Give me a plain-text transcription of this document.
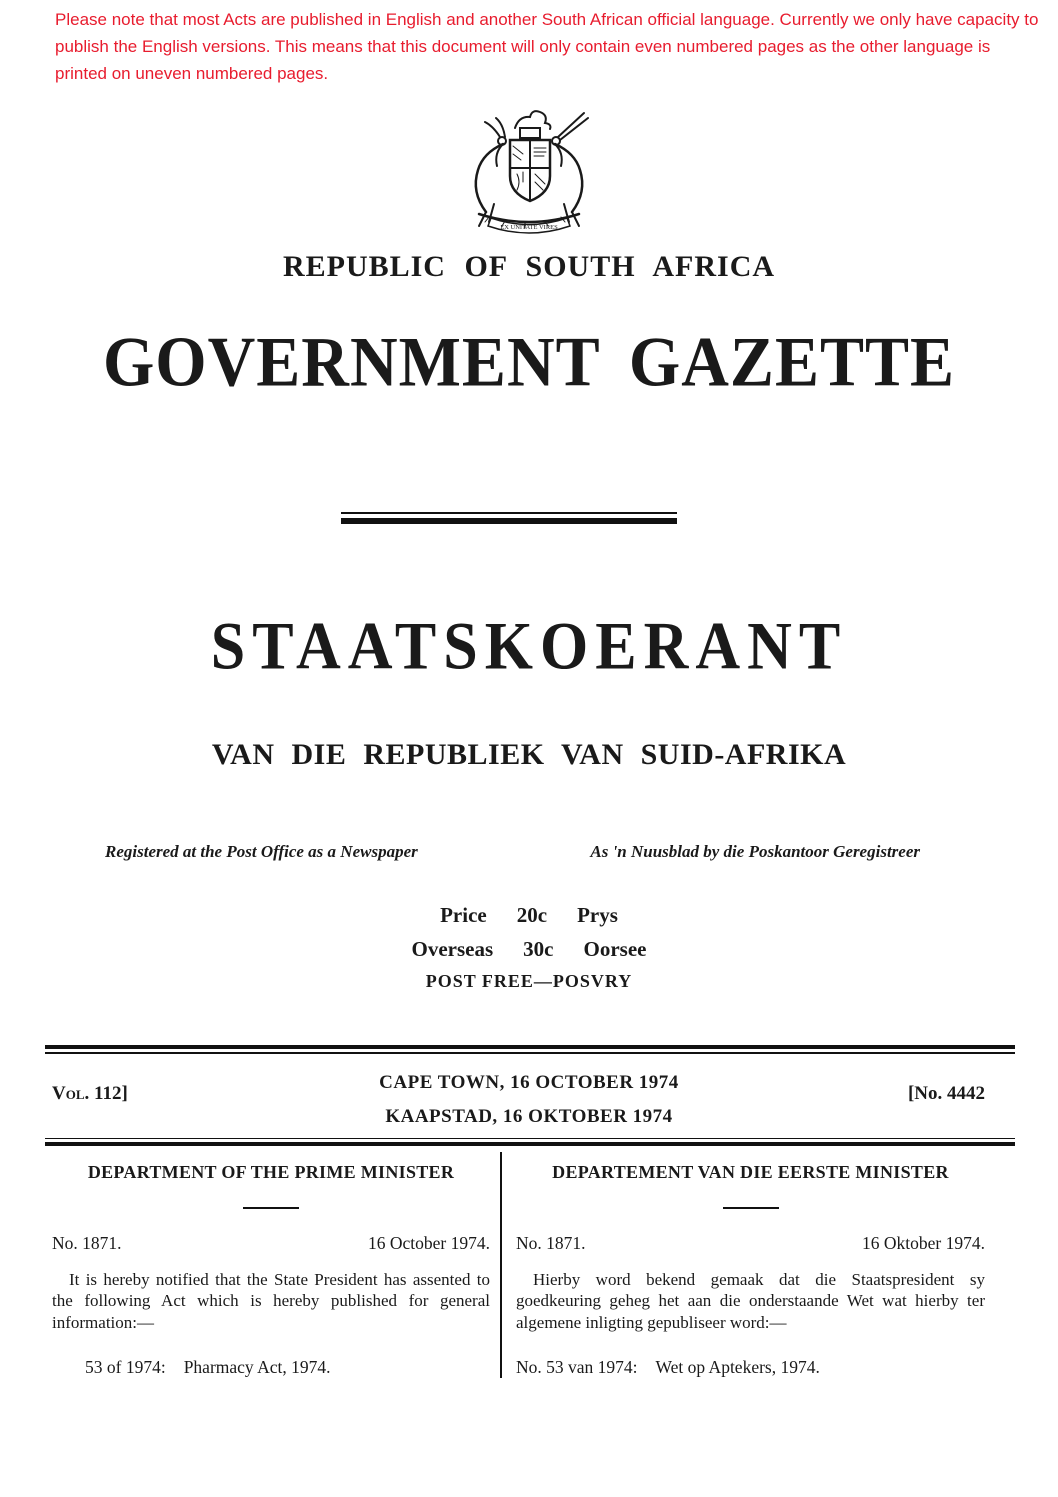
Please note that most Acts are published in English and another South African official language. Currently we only have capacity to publish the English versions. This means that this document will only contain even numbered pages as the other language is printed on uneven numbered pages.
EX UNITATE VIRES
REPUBLIC OF SOUTH AFRICA
GOVERNMENT GAZETTE
STAATSKOERANT
VAN DIE REPUBLIEK VAN SUID-AFRIKA
Registered at the Post Office as a Newspaper	As 'n Nuusblad by die Poskantoor Geregistreer
Price 20c Prys
Overseas 30c Oorsee
POST FREE—POSVRY
Vol. 112]
CAPE TOWN, 16 OCTOBER 1974
KAAPSTAD, 16 OKTOBER 1974
[No. 4442
DEPARTMENT OF THE PRIME MINISTER
No. 1871.	16 October 1974.
It is hereby notified that the State President has assented to the following Act which is hereby published for general information:—
53 of 1974: Pharmacy Act, 1974.
DEPARTEMENT VAN DIE EERSTE MINISTER
No. 1871.	16 Oktober 1974.
Hierby word bekend gemaak dat die Staatspresident sy goedkeuring geheg het aan die onderstaande Wet wat hierby ter algemene inligting gepubliseer word:—
No. 53 van 1974: Wet op Aptekers, 1974.
